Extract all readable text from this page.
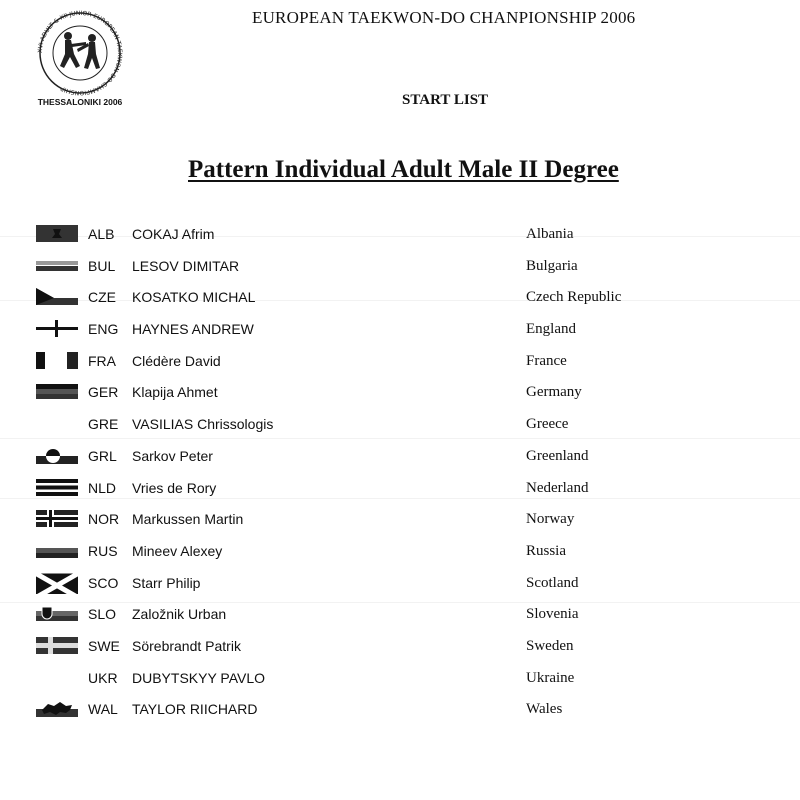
XVI ADULT & XII JUNIOR EUROPEAN TAEKWON-DO CHAMPIONSHIP
THESSALONIKI 2006
EUROPEAN TAEKWON-DO CHANPIONSHIP 2006
START LIST
Pattern Individual Adult Male II Degree
ALB COKAJ Afrim	Albania
BUL LESOV DIMITAR	Bulgaria
CZE KOSATKO MICHAL	Czech Republic
ENG HAYNES ANDREW	England
FRA Clédère David	France
GER Klapija Ahmet	Germany
GRE VASILIAS Chrissologis	Greece
GRL Sarkov Peter	Greenland
NLD Vries de Rory	Nederland
NOR Markussen Martin	Norway
RUS Mineev Alexey	Russia
SCO Starr Philip	Scotland
SLO Založnik Urban	Slovenia
SWE Sörebrandt Patrik	Sweden
UKR DUBYTSKYY PAVLO	Ukraine
WAL TAYLOR RIICHARD	Wales
